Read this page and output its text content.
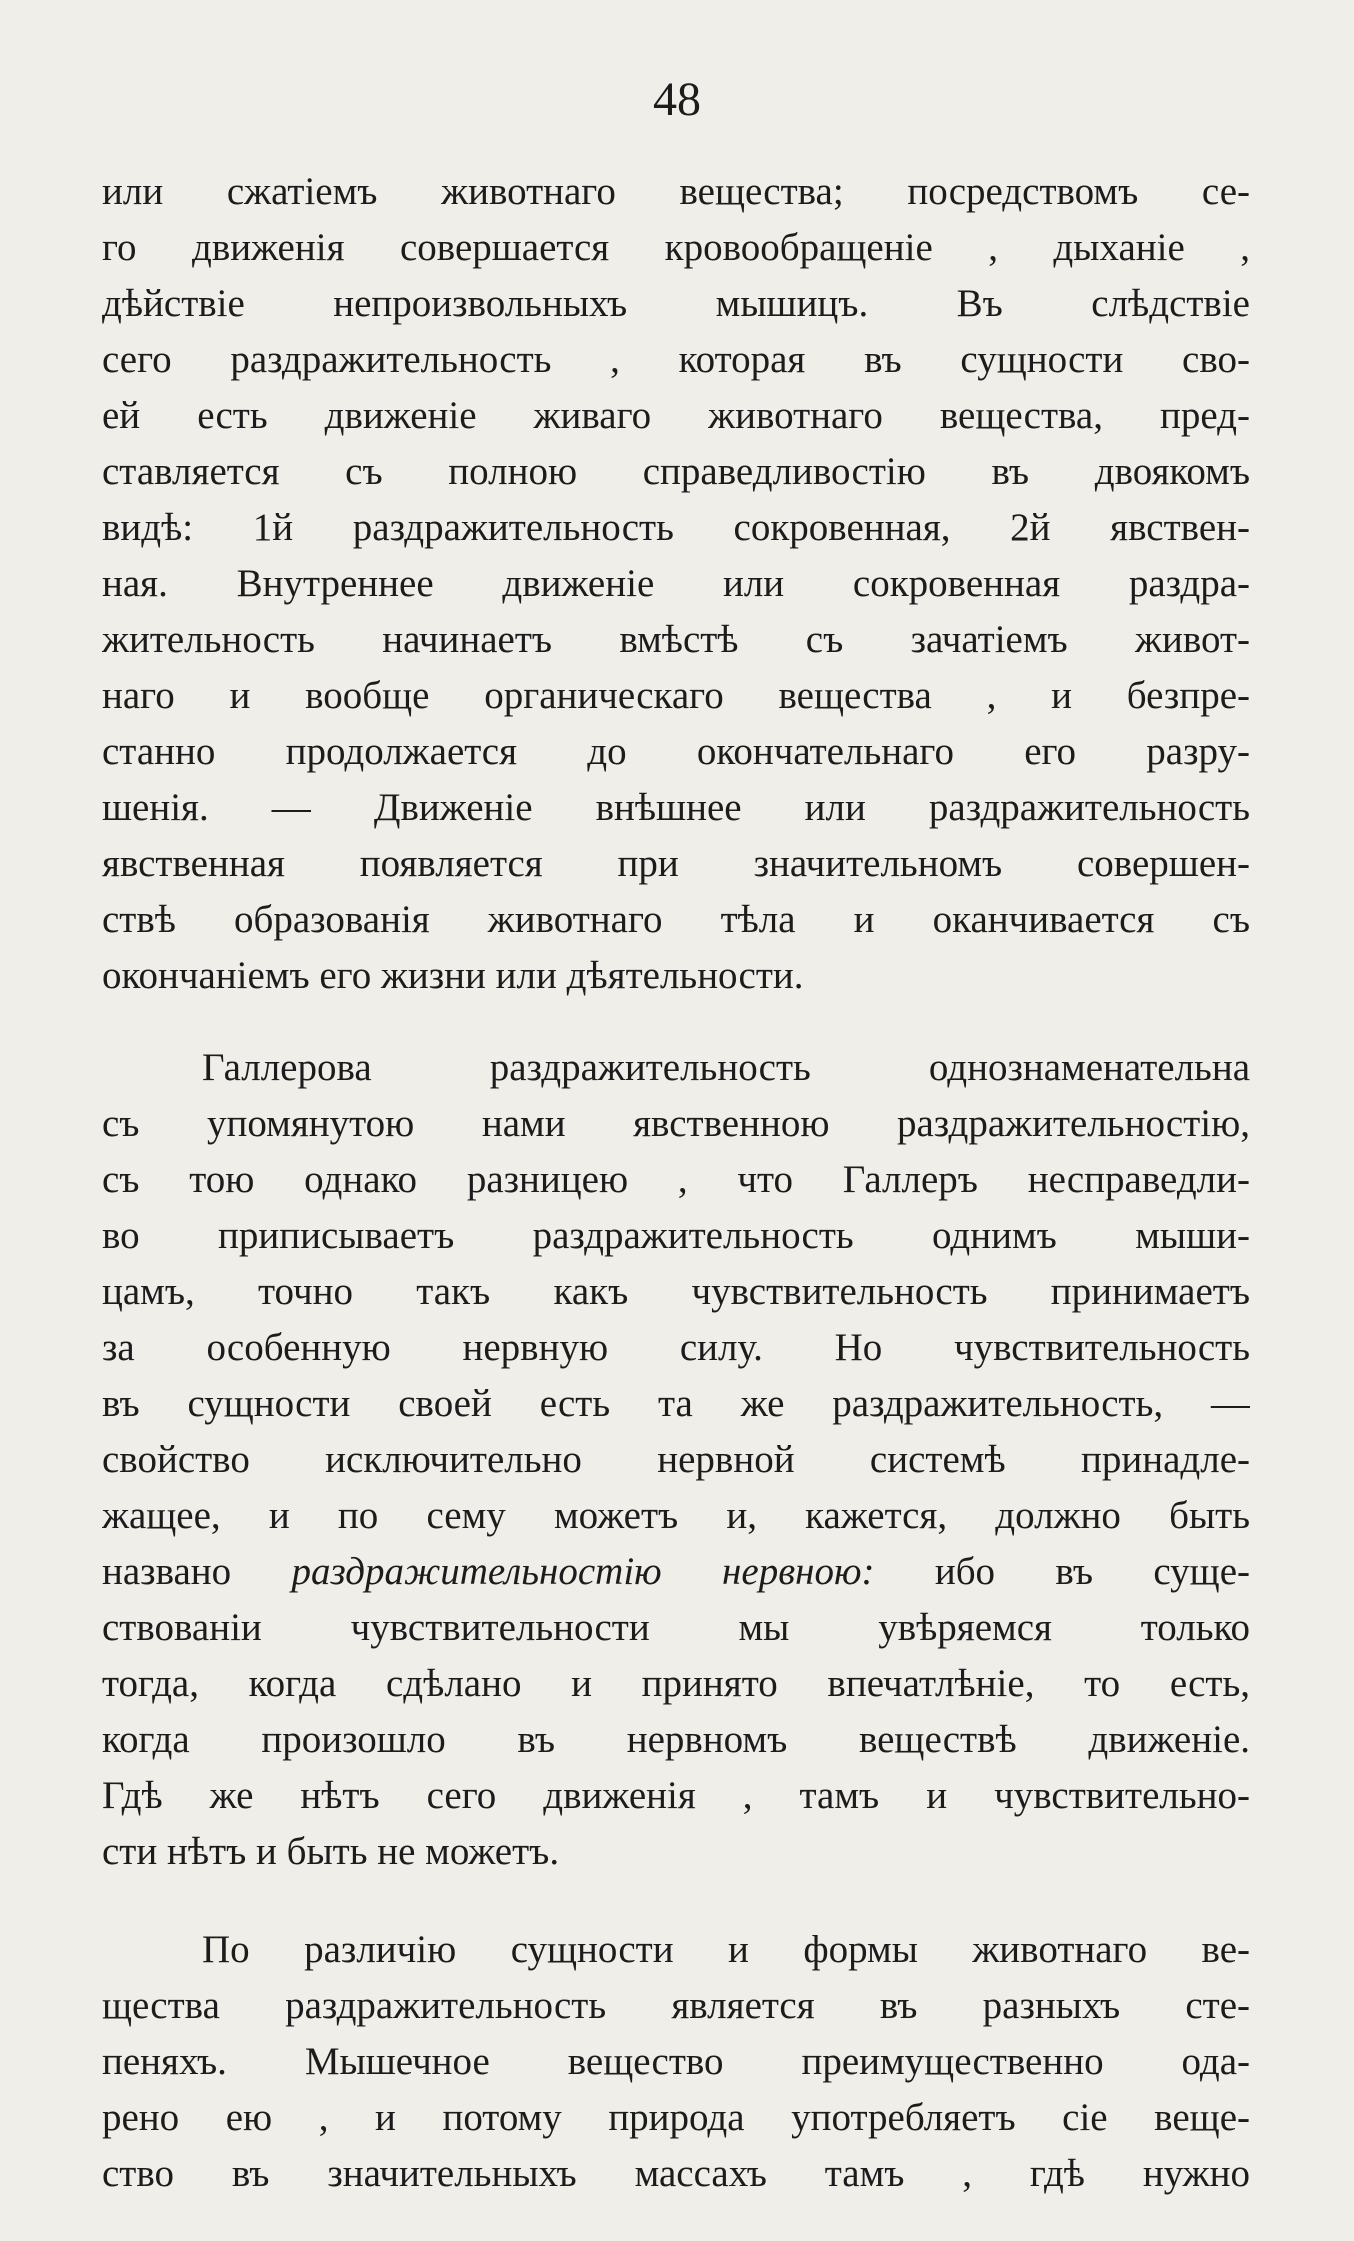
48
или сжатіемъ животнаго вещества; посредствомъ се-
го движенія совершается кровообращеніе , дыханіе ,
дѣйствіе непроизвольныхъ мышицъ. Въ слѣдствіе
сего раздражительность , которая въ сущности сво-
ей есть движеніе живаго животнаго вещества, пред-
ставляется съ полною справедливостію въ двоякомъ
видѣ: 1й раздражительность сокровенная, 2й явствен-
ная. Внутреннее движеніе или сокровенная раздра-
жительность начинаетъ вмѣстѣ съ зачатіемъ живот-
наго и вообще органическаго вещества , и безпре-
станно продолжается до окончательнаго его разру-
шенія. — Движеніе внѣшнее или раздражительность
явственная появляется при значительномъ совершен-
ствѣ образованія животнаго тѣла и оканчивается съ
окончаніемъ его жизни или дѣятельности.
Галлерова раздражительность однознаменательна
съ упомянутою нами явственною раздражительностію,
съ тою однако разницею , что Галлеръ несправедли-
во приписываетъ раздражительность однимъ мыши-
цамъ, точно такъ какъ чувствительность принимаетъ
за особенную нервную силу. Но чувствительность
въ сущности своей есть та же раздражительность, —
свойство исключительно нервной системѣ принадле-
жащее, и по сему можетъ и, кажется, должно быть
названо раздражительностію нервною: ибо въ суще-
ствованіи чувствительности мы увѣряемся только
тогда, когда сдѣлано и принято впечатлѣніе, то есть,
когда произошло въ нервномъ веществѣ движеніе.
Гдѣ же нѣтъ сего движенія , тамъ и чувствительно-
сти нѣтъ и быть не можетъ.
По различію сущности и формы животнаго ве-
щества раздражительность является въ разныхъ сте-
пеняхъ. Мышечное вещество преимущественно ода-
рено ею , и потому природа употребляетъ сіе веще-
ство въ значительныхъ массахъ тамъ , гдѣ нужно
